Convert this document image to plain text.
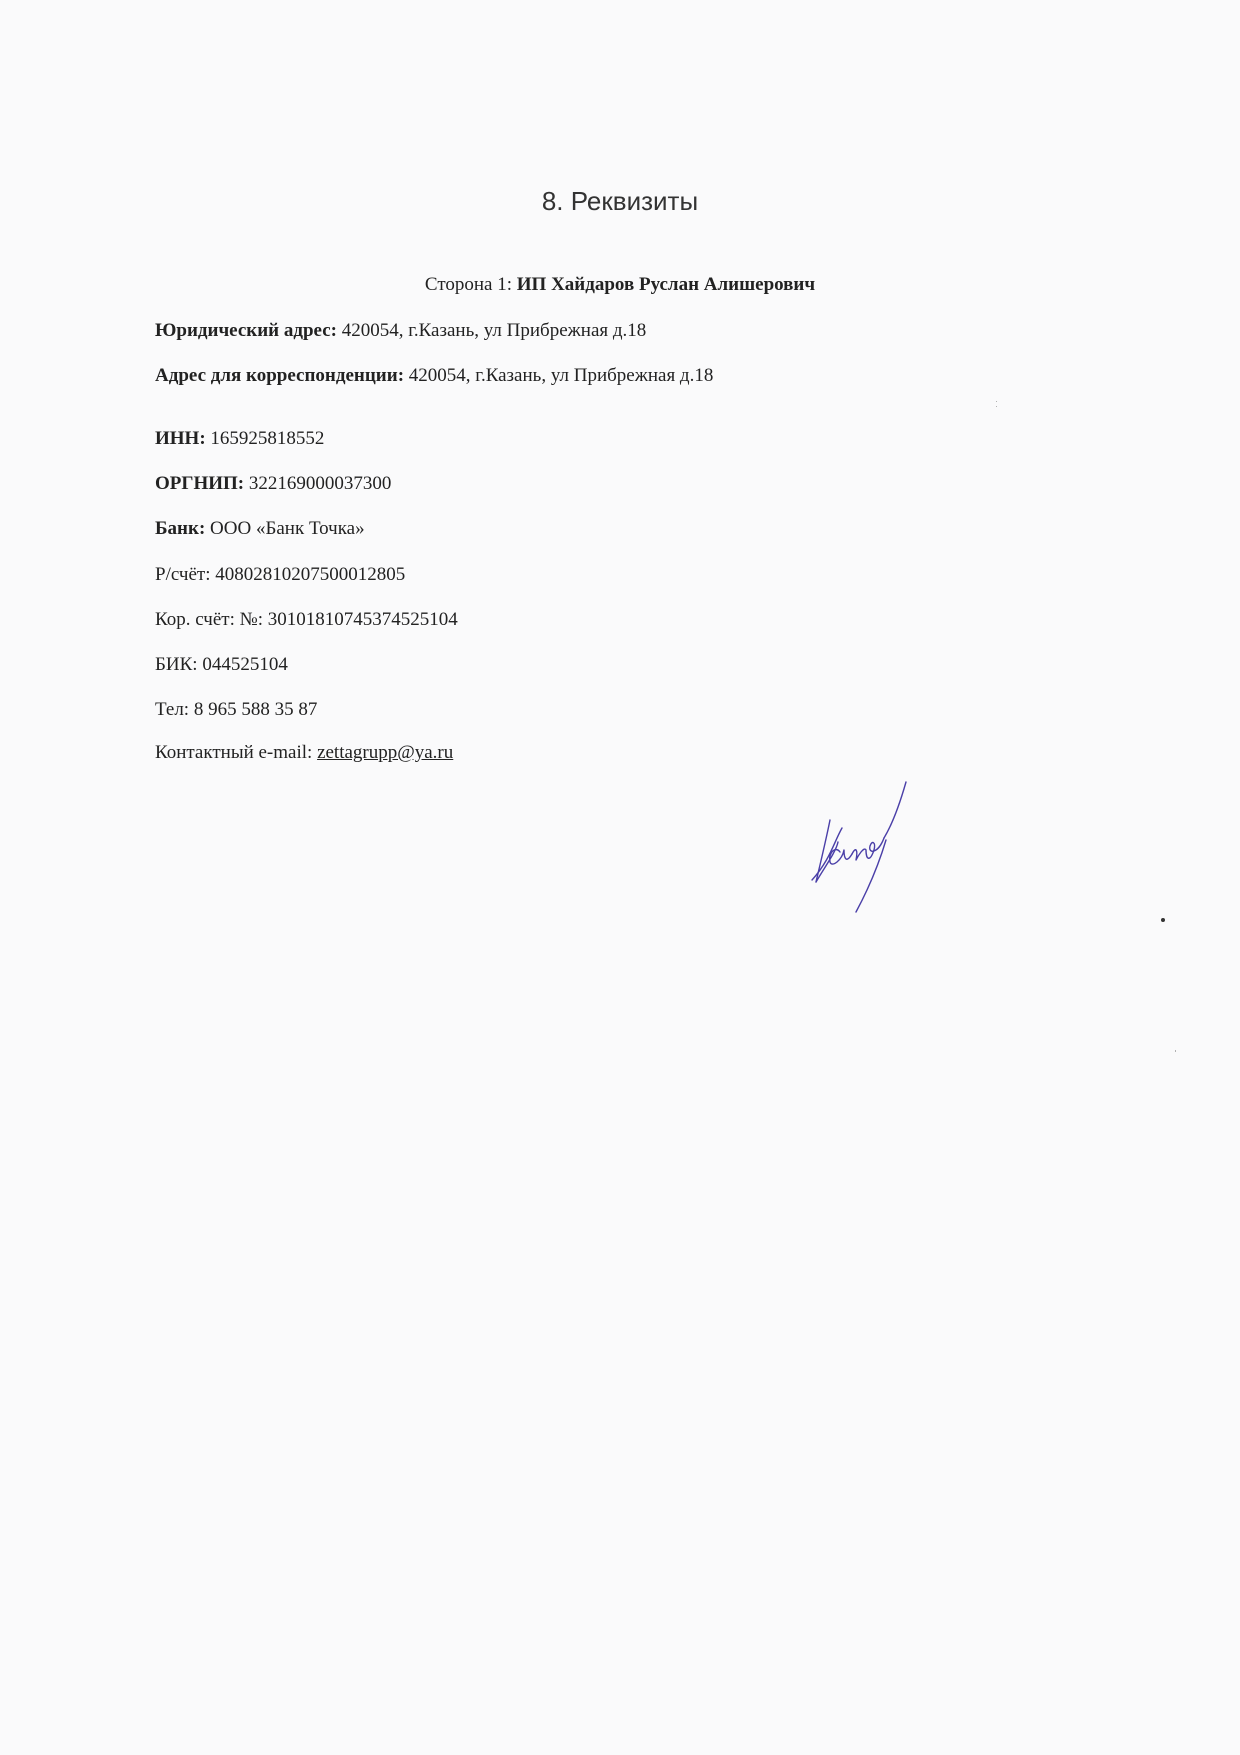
8. Реквизиты
Сторона 1: ИП Хайдаров Руслан Алишерович
Юридический адрес: 420054, г.Казань, ул Прибрежная д.18
Адрес для корреспонденции: 420054, г.Казань, ул Прибрежная д.18
ИНН: 165925818552
ОРГНИП: 322169000037300
Банк: ООО «Банк Точка»
Р/счёт: 40802810207500012805
Кор. счёт: №: 30101810745374525104
БИК: 044525104
Тел: 8 965 588 35 87
Контактный e-mail: zettagrupp@ya.ru
